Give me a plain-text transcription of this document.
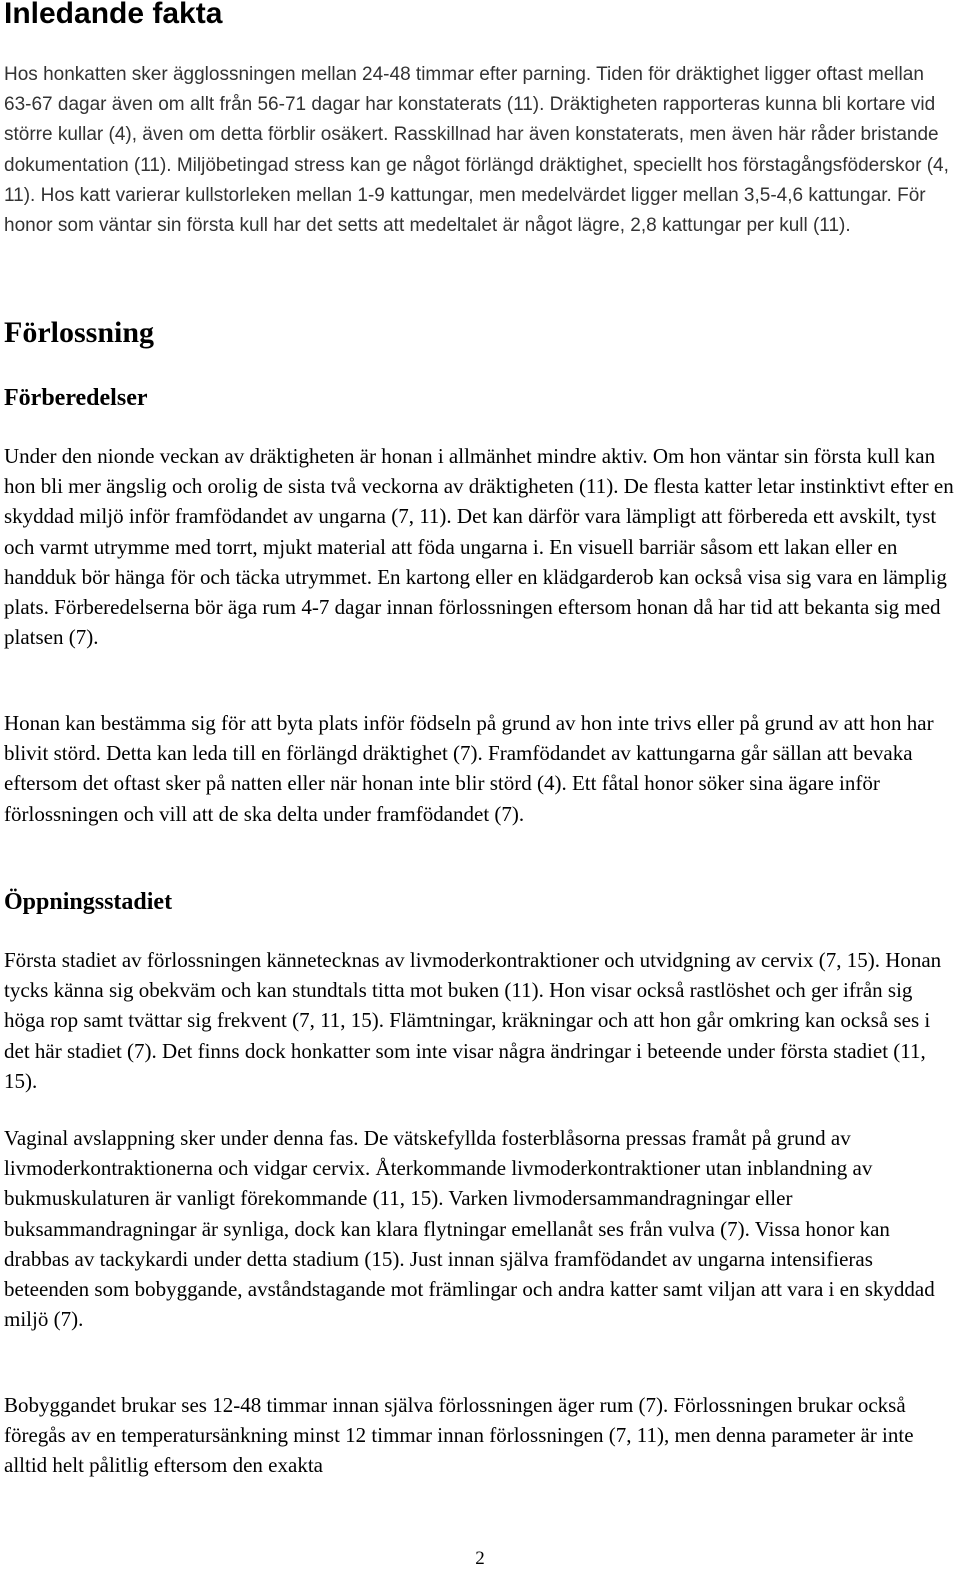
Inledande fakta

Hos honkatten sker ägglossningen mellan 24-48 timmar efter parning. Tiden för dräktighet ligger oftast mellan 63-67 dagar även om allt från 56-71 dagar har konstaterats (11). Dräktigheten rapporteras kunna bli kortare vid större kullar (4), även om detta förblir osäkert. Rasskillnad har även konstaterats, men även här råder bristande dokumentation (11). Miljöbetingad stress kan ge något förlängd dräktighet, speciellt hos förstagångsföderskor (4, 11). Hos katt varierar kullstorleken mellan 1-9 kattungar, men medelvärdet ligger mellan 3,5-4,6 kattungar. För honor som väntar sin första kull har det setts att medeltalet är något lägre, 2,8 kattungar per kull (11).

Förlossning
Förberedelser

Under den nionde veckan av dräktigheten är honan i allmänhet mindre aktiv. Om hon väntar sin första kull kan hon bli mer ängslig och orolig de sista två veckorna av dräktigheten (11). De flesta katter letar instinktivt efter en skyddad miljö inför framfödandet av ungarna (7, 11). Det kan därför vara lämpligt att förbereda ett avskilt, tyst och varmt utrymme med torrt, mjukt material att föda ungarna i. En visuell barriär såsom ett lakan eller en handduk bör hänga för och täcka utrymmet. En kartong eller en klädgarderob kan också visa sig vara en lämplig plats. Förberedelserna bör äga rum 4-7 dagar innan förlossningen eftersom honan då har tid att bekanta sig med platsen (7).

Honan kan bestämma sig för att byta plats inför födseln på grund av hon inte trivs eller på grund av att hon har blivit störd. Detta kan leda till en förlängd dräktighet (7). Framfödandet av kattungarna går sällan att bevaka eftersom det oftast sker på natten eller när honan inte blir störd (4). Ett fåtal honor söker sina ägare inför förlossningen och vill att de ska delta under framfödandet (7).

Öppningsstadiet

Första stadiet av förlossningen kännetecknas av livmoderkontraktioner och utvidgning av cervix (7, 15). Honan tycks känna sig obekväm och kan stundtals titta mot buken (11). Hon visar också rastlöshet och ger ifrån sig höga rop samt tvättar sig frekvent (7, 11, 15). Flämtningar, kräkningar och att hon går omkring kan också ses i det här stadiet (7). Det finns dock honkatter som inte visar några ändringar i beteende under första stadiet (11, 15).

Vaginal avslappning sker under denna fas. De vätskefyllda fosterblåsorna pressas framåt på grund av livmoderkontraktionerna och vidgar cervix. Återkommande livmoderkontraktioner utan inblandning av bukmuskulaturen är vanligt förekommande (11, 15). Varken livmodersammandragningar eller buksammandragningar är synliga, dock kan klara flytningar emellanåt ses från vulva (7). Vissa honor kan drabbas av tackykardi under detta stadium (15). Just innan själva framfödandet av ungarna intensifieras beteenden som bobyggande, avståndstagande mot främlingar och andra katter samt viljan att vara i en skyddad miljö (7).

Bobyggandet brukar ses 12-48 timmar innan själva förlossningen äger rum (7). Förlossningen brukar också föregås av en temperatursänkning minst 12 timmar innan förlossningen (7, 11), men denna parameter är inte alltid helt pålitlig eftersom den exakta

2
